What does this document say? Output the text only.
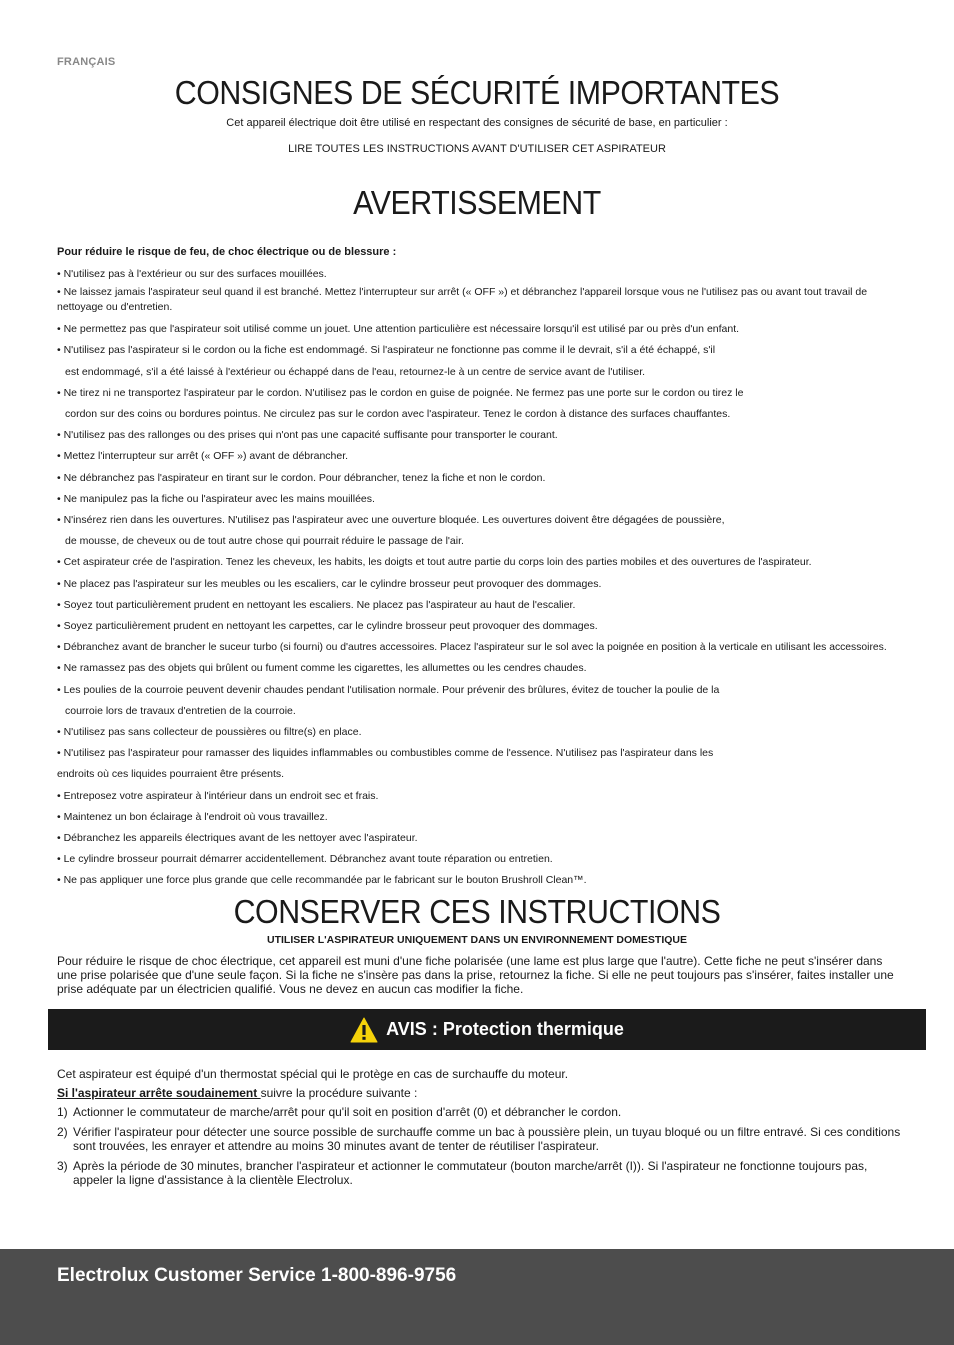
FRANÇAIS
CONSIGNES DE SÉCURITÉ IMPORTANTES
Cet appareil électrique doit être utilisé en respectant des consignes de sécurité de base, en particulier :
LIRE TOUTES LES INSTRUCTIONS AVANT D'UTILISER CET ASPIRATEUR
AVERTISSEMENT
Pour réduire le risque de feu, de choc électrique ou de blessure :
• N'utilisez pas à l'extérieur ou sur des surfaces mouillées.
• Ne laissez jamais l'aspirateur seul quand il est branché. Mettez l'interrupteur sur arrêt (« OFF ») et débranchez l'appareil lorsque vous ne l'utilisez pas ou avant tout travail de nettoyage ou d'entretien.
• Ne permettez pas que l'aspirateur soit utilisé comme un jouet. Une attention particulière est nécessaire lorsqu'il est utilisé par ou près d'un enfant.
• N'utilisez pas l'aspirateur si le cordon ou la fiche est endommagé. Si l'aspirateur ne fonctionne pas comme il le devrait, s'il a été échappé, s'il
est endommagé, s'il a été laissé à l'extérieur ou échappé dans de l'eau, retournez-le à un centre de service avant de l'utiliser.
• Ne tirez ni ne transportez l'aspirateur par le cordon. N'utilisez pas le cordon en guise de poignée. Ne fermez pas une porte sur le cordon ou tirez le
cordon sur des coins ou bordures pointus. Ne circulez pas sur le cordon avec l'aspirateur. Tenez le cordon à distance des surfaces chauffantes.
• N'utilisez pas des rallonges ou des prises qui n'ont pas une capacité suffisante pour transporter le courant.
• Mettez l'interrupteur sur arrêt (« OFF ») avant de débrancher.
• Ne débranchez pas l'aspirateur en tirant sur le cordon. Pour débrancher, tenez la fiche et non le cordon.
• Ne manipulez pas la fiche ou l'aspirateur avec les mains mouillées.
• N'insérez rien dans les ouvertures. N'utilisez pas l'aspirateur avec une ouverture bloquée. Les ouvertures doivent être dégagées de poussière,
de mousse, de cheveux ou de tout autre chose qui pourrait réduire le passage de l'air.
• Cet aspirateur crée de l'aspiration. Tenez les cheveux, les habits, les doigts et tout autre partie du corps loin des parties mobiles et des ouvertures de l'aspirateur.
• Ne placez pas l'aspirateur sur les meubles ou les escaliers, car le cylindre brosseur peut provoquer des dommages.
• Soyez tout particulièrement prudent en nettoyant les escaliers. Ne placez pas l'aspirateur au haut de l'escalier.
• Soyez particulièrement prudent en nettoyant les carpettes, car le cylindre brosseur peut provoquer des dommages.
• Débranchez avant de brancher le suceur turbo (si fourni) ou d'autres accessoires. Placez l'aspirateur sur le sol avec la poignée en position à la verticale en utilisant les accessoires.
• Ne ramassez pas des objets qui brûlent ou fument comme les cigarettes, les allumettes ou les cendres chaudes.
• Les poulies de la courroie peuvent devenir chaudes pendant l'utilisation normale. Pour prévenir des brûlures, évitez de toucher la poulie de la
courroie lors de travaux d'entretien de la courroie.
• N'utilisez pas sans collecteur de poussières ou filtre(s) en place.
• N'utilisez pas l'aspirateur pour ramasser des liquides inflammables ou combustibles comme de l'essence. N'utilisez pas l'aspirateur dans les
endroits où ces liquides pourraient être présents.
• Entreposez votre aspirateur à l'intérieur dans un endroit sec et frais.
• Maintenez un bon éclairage à l'endroit où vous travaillez.
• Débranchez les appareils électriques avant de les nettoyer avec l'aspirateur.
• Le cylindre brosseur pourrait démarrer accidentellement. Débranchez avant toute réparation ou entretien.
• Ne pas appliquer une force plus grande que celle recommandée par le fabricant sur le bouton Brushroll Clean™.
CONSERVER CES INSTRUCTIONS
UTILISER L'ASPIRATEUR UNIQUEMENT DANS UN ENVIRONNEMENT DOMESTIQUE
Pour réduire le risque de choc électrique, cet appareil est muni d'une fiche polarisée (une lame est plus large que l'autre). Cette fiche ne peut s'insérer dans une prise polarisée que d'une seule façon. Si la fiche ne s'insère pas dans la prise, retournez la fiche. Si elle ne peut toujours pas s'insérer, faites installer une prise adéquate par un électricien qualifié. Vous ne devez en aucun cas modifier la fiche.
AVIS : Protection thermique

Cet aspirateur est équipé d'un thermostat spécial qui le protège en cas de surchauffe du moteur.

Si l'aspirateur arrête soudainement suivre la procédure suivante :

1) Actionner le commutateur de marche/arrêt pour qu'il soit en position d'arrêt (0) et débrancher le cordon.
2) Vérifier l'aspirateur pour détecter une source possible de surchauffe comme un bac à poussière plein, un tuyau bloqué ou un filtre entravé. Si ces conditions sont trouvées, les enrayer et attendre au moins 30 minutes avant de tenter de réutiliser l'aspirateur.
3) Après la période de 30 minutes, brancher l'aspirateur et actionner le commutateur (bouton marche/arrêt (I)). Si l'aspirateur ne fonctionne toujours pas, appeler la ligne d'assistance à la clientèle Electrolux.
Electrolux Customer Service 1-800-896-9756
